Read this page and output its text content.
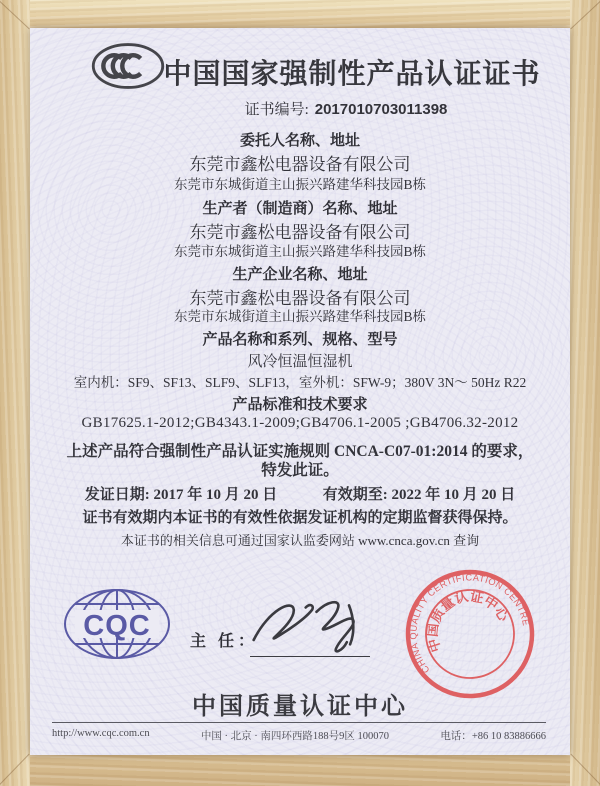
中国国家强制性产品认证证书
证书编号: 2017010703011398
委托人名称、地址
东莞市鑫松电器设备有限公司
东莞市东城街道主山振兴路建华科技园B栋
生产者（制造商）名称、地址
东莞市鑫松电器设备有限公司
东莞市东城街道主山振兴路建华科技园B栋
生产企业名称、地址
东莞市鑫松电器设备有限公司
东莞市东城街道主山振兴路建华科技园B栋
产品名称和系列、规格、型号
风冷恒温恒湿机
室内机：SF9、SF13、SLF9、SLF13，室外机：SFW-9；380V 3N～ 50Hz R22
产品标准和技术要求
GB17625.1-2012;GB4343.1-2009;GB4706.1-2005 ;GB4706.32-2012
上述产品符合强制性产品认证实施规则 CNCA-C07-01:2014 的要求，
特发此证。
发证日期: 2017 年 10 月 20 日	有效期至: 2022 年 10 月 20 日
证书有效期内本证书的有效性依据发证机构的定期监督获得保持。
本证书的相关信息可通过国家认监委网站 www.cnca.gov.cn 查询
CQC 主 任：
CHINA QUALITY CERTIFICATION CENTRE
中国质量认证中心
中国质量认证中心
http://www.cqc.com.cn	中国 · 北京 · 南四环西路188号9区 100070	电话：+86 10 83886666
